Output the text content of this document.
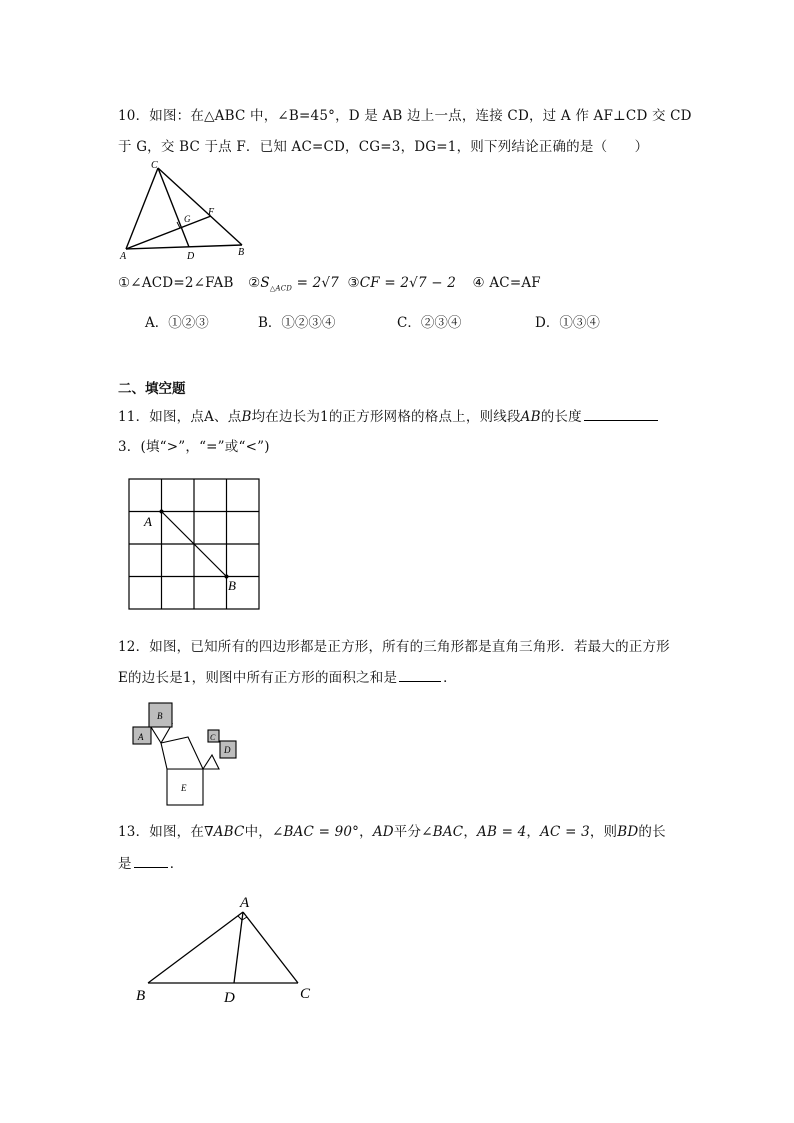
10．如图：在△ABC 中，∠B=45°，D 是 AB 边上一点，连接 CD，过 A 作 AF⊥CD 交 CD
于 G，交 BC 于点 F．已知 AC=CD，CG=3，DG=1，则下列结论正确的是（　　）
C
F
G
A	D	B
①∠ACD=2∠FAB $②S_{\triangle ACD} = 2√7$ ③CF = 2√7 − 2 ④ AC=AF
A．①②③	B．①②③④	C．②③④	D．①③④
二、填空题
11．如图，点A、点B均在边长为1的正方形网格的格点上，则线段AB的长度
3．(填“>”，“=”或“<”)
A
B
12．如图，已知所有的四边形都是正方形，所有的三角形都是直角三角形．若最大的正方形
E的边长是1，则图中所有正方形的面积之和是	．
A
B
C
D
E
13．如图，在∇ABC中，∠BAC = 90°，AD平分∠BAC，AB = 4，AC = 3，则BD的长
是	．
A
B	D	C
